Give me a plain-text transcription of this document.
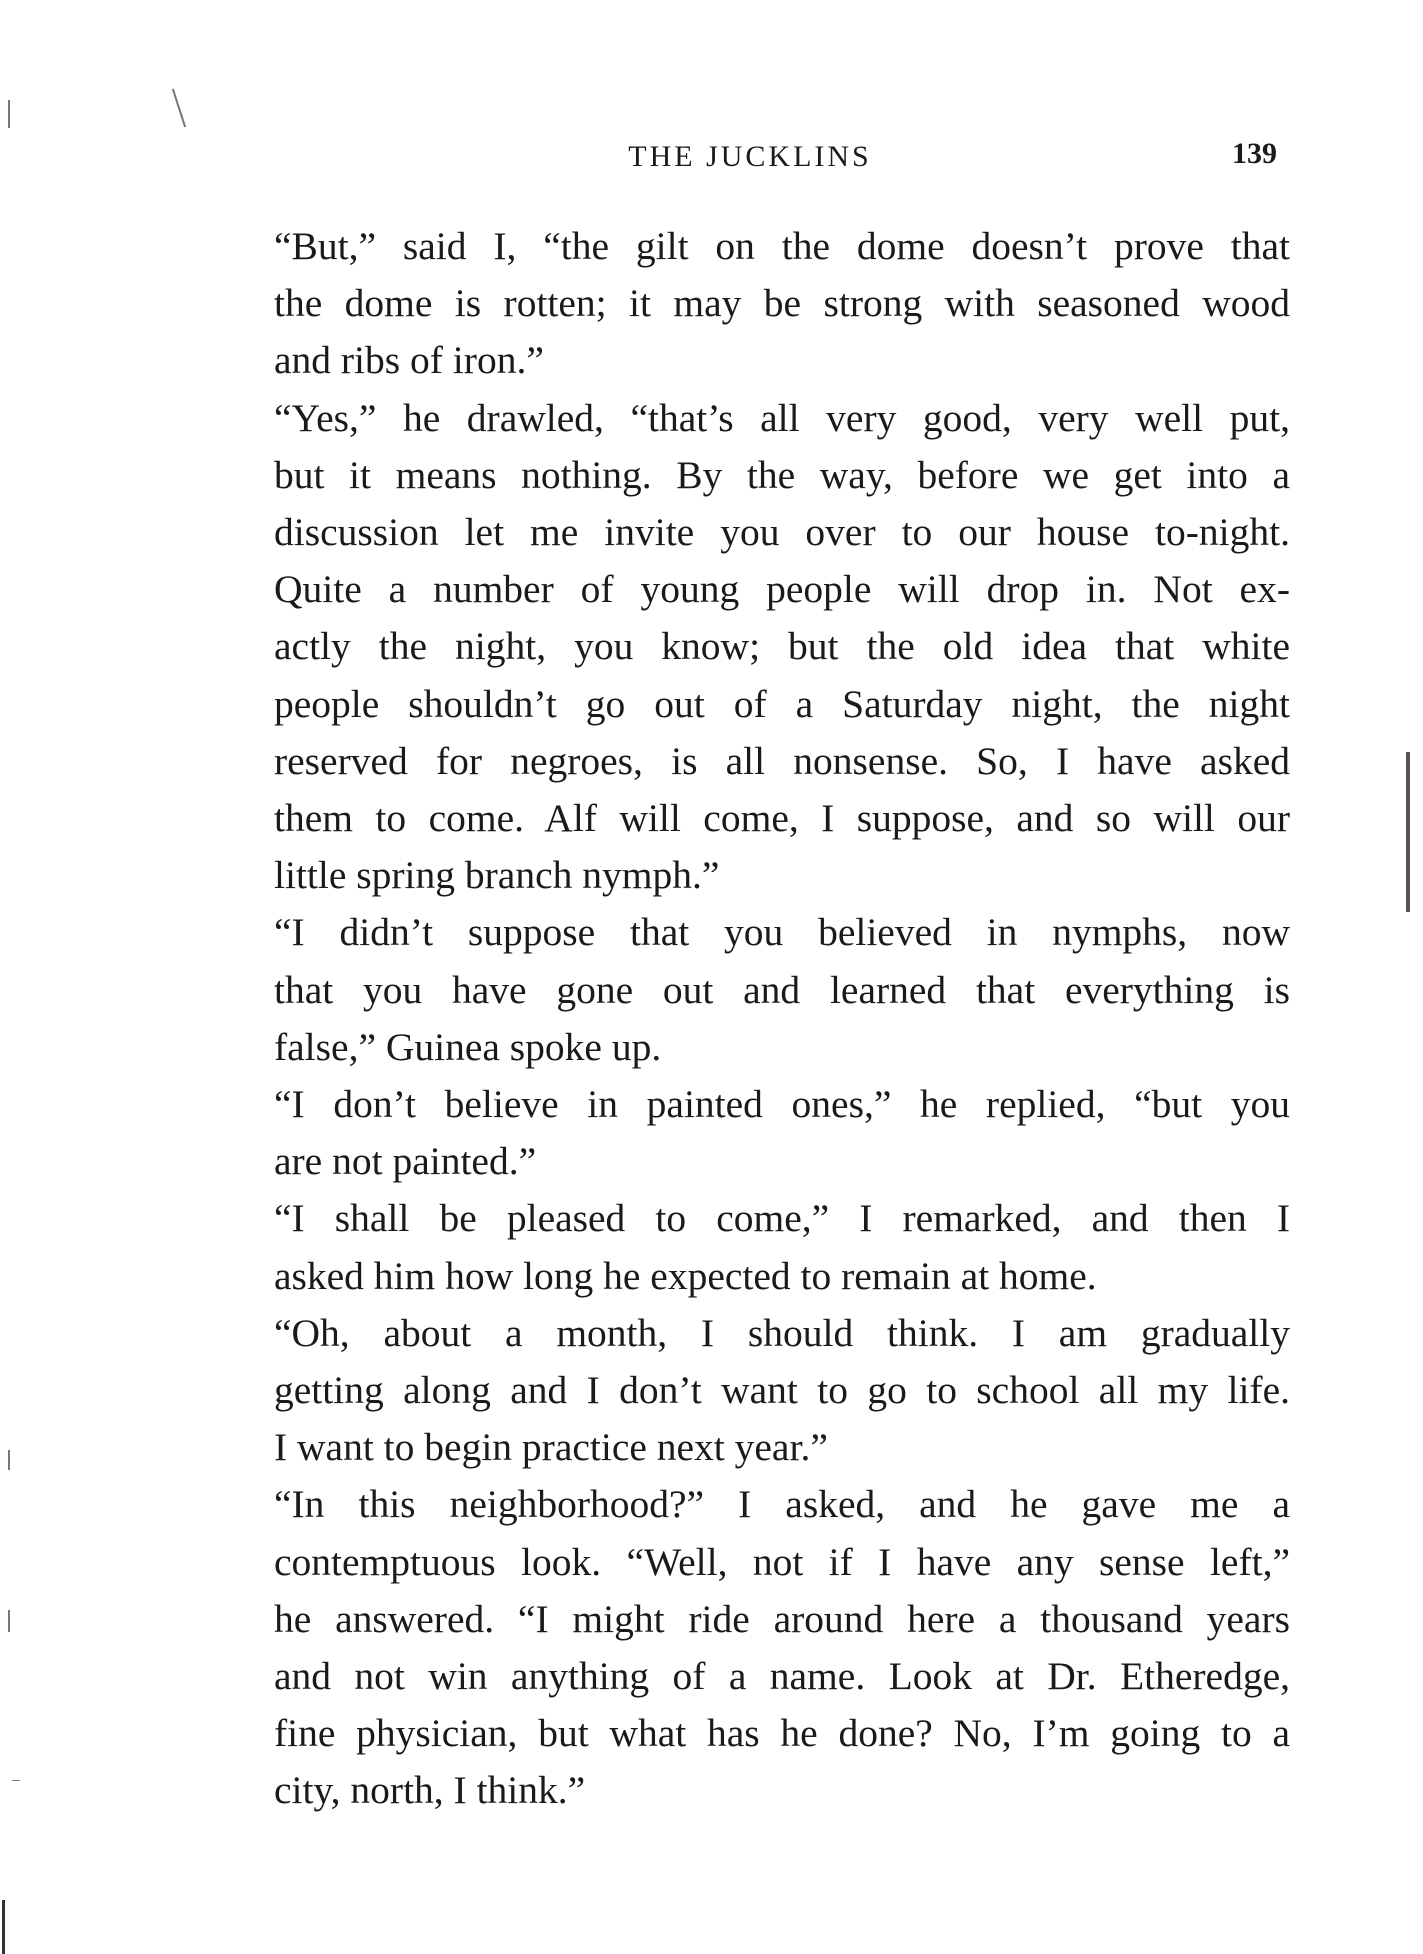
THE JUCKLINS	139

“But,” said I, “the gilt on the dome doesn’t prove that
the dome is rotten; it may be strong with seasoned wood
and ribs of iron.”

“Yes,” he drawled, “that’s all very good, very well put,
but it means nothing. By the way, before we get into a
discussion let me invite you over to our house to-night.
Quite a number of young people will drop in. Not ex-
actly the night, you know; but the old idea that white
people shouldn’t go out of a Saturday night, the night
reserved for negroes, is all nonsense. So, I have asked
them to come. Alf will come, I suppose, and so will our
little spring branch nymph.”

“I didn’t suppose that you believed in nymphs, now
that you have gone out and learned that everything is
false,” Guinea spoke up.

“I don’t believe in painted ones,” he replied, “but you
are not painted.”

“I shall be pleased to come,” I remarked, and then I
asked him how long he expected to remain at home.

“Oh, about a month, I should think. I am gradually
getting along and I don’t want to go to school all my life.
I want to begin practice next year.”

“In this neighborhood?” I asked, and he gave me a
contemptuous look. “Well, not if I have any sense left,”
he answered. “I might ride around here a thousand years
and not win anything of a name. Look at Dr. Etheredge,
fine physician, but what has he done? No, I’m going to a
city, north, I think.”
